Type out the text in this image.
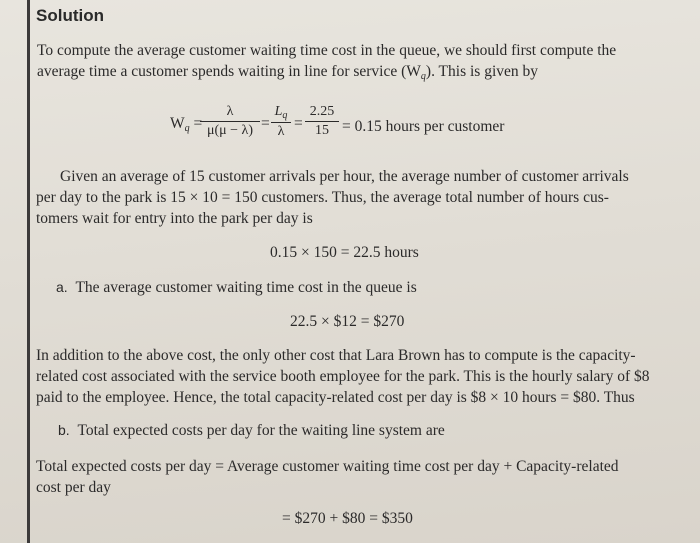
Solution
To compute the average customer waiting time cost in the queue, we should first compute the
average time a customer spends waiting in line for service $(W_q)$. This is given by
$W_q$ =
λ
μ(μ − λ) =
$L_q$
λ =
2.25
15 = 0.15 hours per customer
Given an average of 15 customer arrivals per hour, the average number of customer arrivals
per day to the park is 15 × 10 = 150 customers. Thus, the average total number of hours cus-
tomers wait for entry into the park per day is
0.15 × 150 = 22.5 hours
a. The average customer waiting time cost in the queue is
22.5 × $12 = $270
In addition to the above cost, the only other cost that Lara Brown has to compute is the capacity-
related cost associated with the service booth employee for the park. This is the hourly salary of $8
paid to the employee. Hence, the total capacity-related cost per day is $8 × 10 hours = $80. Thus
b. Total expected costs per day for the waiting line system are
Total expected costs per day = Average customer waiting time cost per day + Capacity-related
cost per day
= $270 + $80 = $350
